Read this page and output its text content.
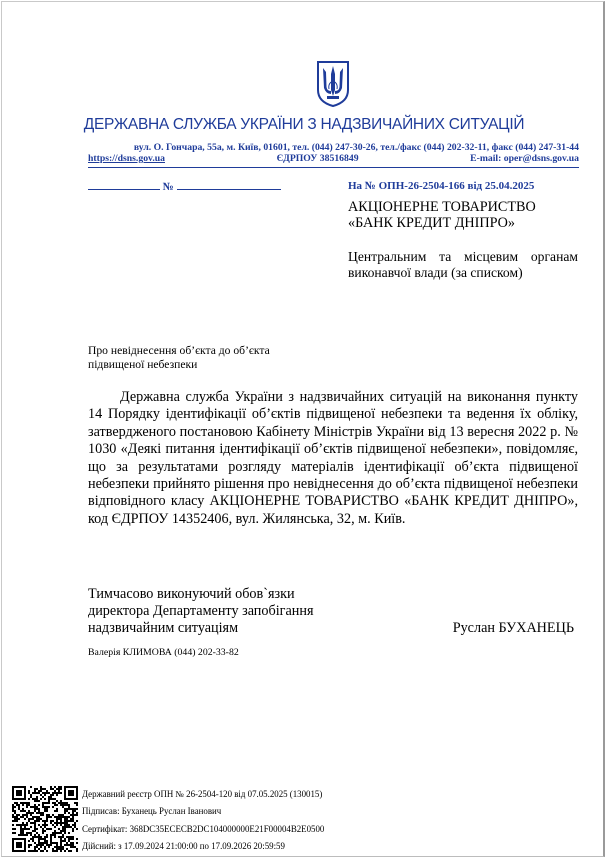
ДЕРЖАВНА СЛУЖБА УКРАЇНИ З НАДЗВИЧАЙНИХ СИТУАЦІЙ
вул. О. Гончара, 55а, м. Київ, 01601, тел. (044) 247-30-26, тел./факс (044) 202-32-11, факс (044) 247-31-44
https://dsns.gov.ua	ЄДРПОУ 38516849	E-mail: oper@dsns.gov.ua
№	На № ОПН-26-2504-166 від 25.04.2025
АКЦІОНЕРНЕ ТОВАРИСТВО
«БАНК КРЕДИТ ДНІПРО»
Центральним та місцевим органам
виконавчої влади (за списком)
Про невіднесення об’єкта до об’єкта
підвищеної небезпеки
Державна служба України з надзвичайних ситуацій на виконання пункту 14 Порядку ідентифікації об’єктів підвищеної небезпеки та ведення їх обліку, затвердженого постановою Кабінету Міністрів України від 13 вересня 2022 р. № 1030 «Деякі питання ідентифікації об’єктів підвищеної небезпеки», повідомляє, що за результатами розгляду матеріалів ідентифікації об’єкта підвищеної небезпеки прийнято рішення про невіднесення до об’єкта підвищеної небезпеки відповідного класу АКЦІОНЕРНЕ ТОВАРИСТВО «БАНК КРЕДИТ ДНІПРО», код ЄДРПОУ 14352406, вул. Жилянська, 32, м. Київ.
Тимчасово виконуючий обов`язки
директора Департаменту запобігання
надзвичайним ситуаціям	Руслан БУХАНЕЦЬ
Валерія КЛИМОВА (044) 202-33-82
Державний реєстр ОПН № 26-2504-120 від 07.05.2025 (130015)
Підписав: Буханець Руслан Іванович
Сертифікат: 368DC35ECECB2DC104000000E21F00004B2E0500
Дійсний: з 17.09.2024 21:00:00 по 17.09.2026 20:59:59
